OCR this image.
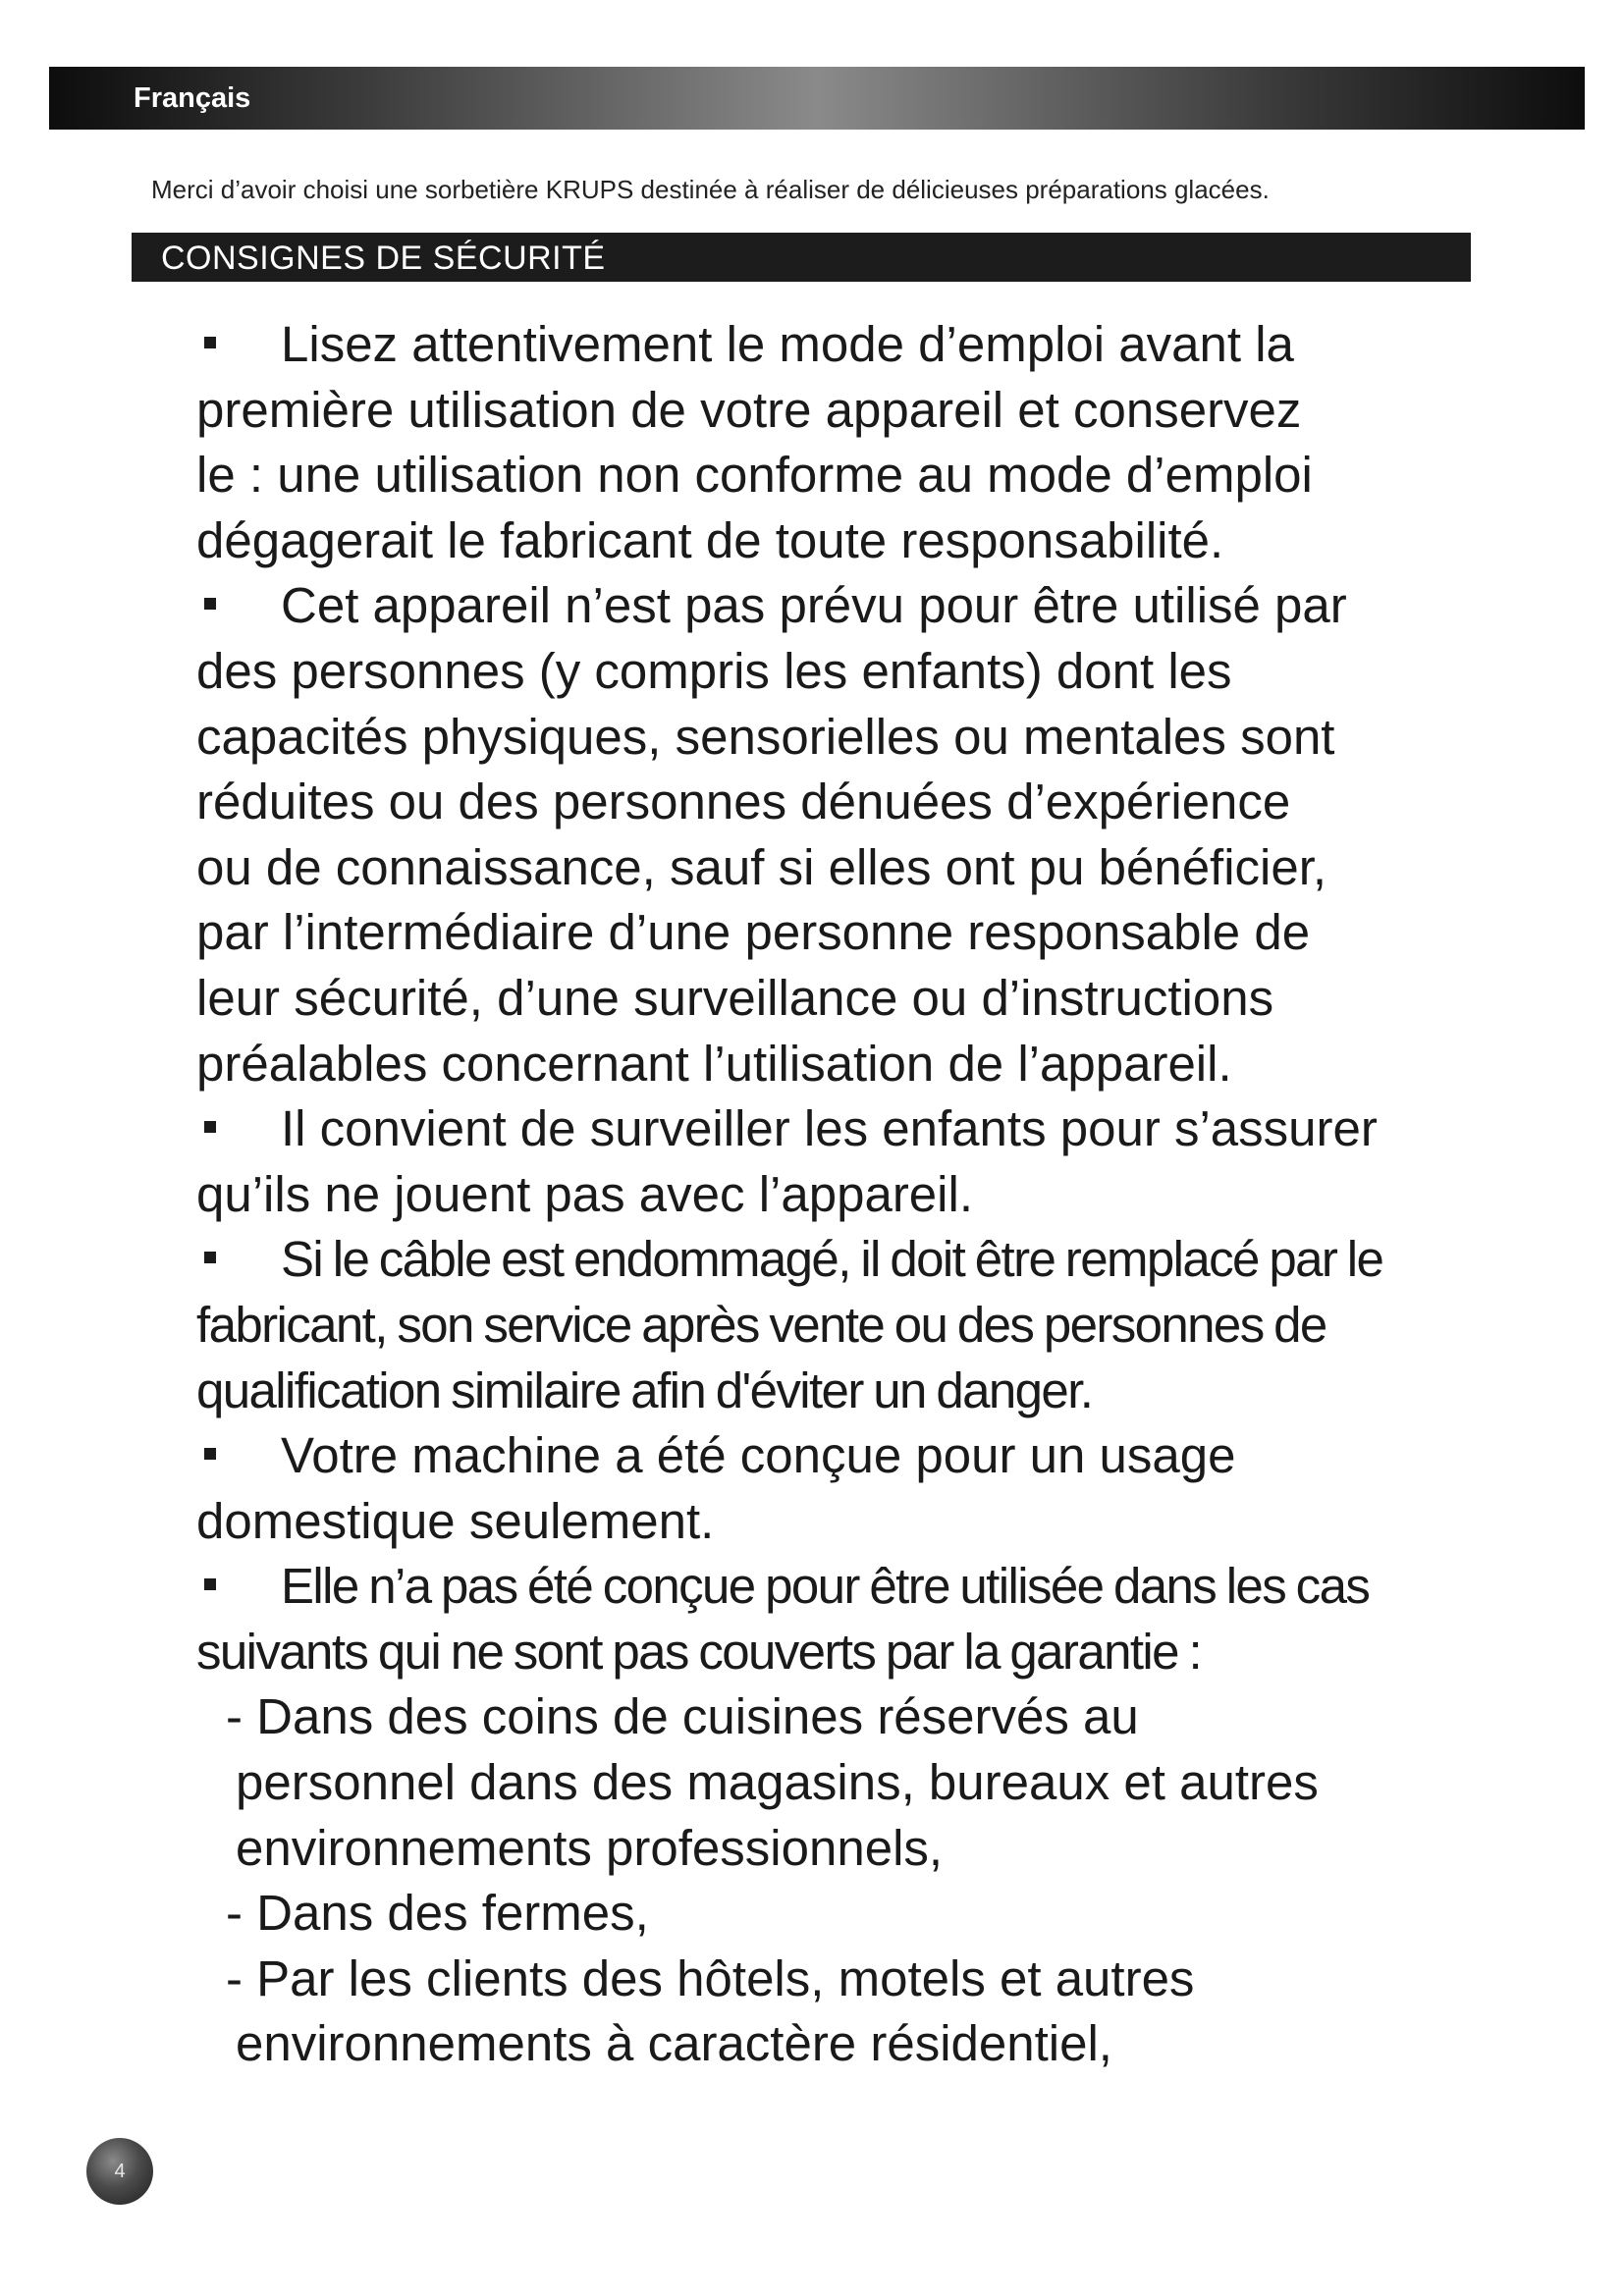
Français
Merci d’avoir choisi une sorbetière KRUPS destinée à réaliser de délicieuses préparations glacées.
CONSIGNES DE SÉCURITÉ

Lisez attentivement le mode d’emploi avant la
première utilisation de votre appareil et conservez
le : une utilisation non conforme au mode d’emploi
dégagerait le fabricant de toute responsabilité.

Cet appareil n’est pas prévu pour être utilisé par
des personnes (y compris les enfants) dont les
capacités physiques, sensorielles ou mentales sont
réduites ou des personnes dénuées d’expérience
ou de connaissance, sauf si elles ont pu bénéficier,
par l’intermédiaire d’une personne responsable de
leur sécurité, d’une surveillance ou d’instructions
préalables concernant l’utilisation de l’appareil.

Il convient de surveiller les enfants pour s’assurer
qu’ils ne jouent pas avec l’appareil.

Si le câble est endommagé, il doit être remplacé par le
fabricant, son service après vente ou des personnes de
qualification similaire afin d'éviter un danger.

Votre machine a été conçue pour un usage
domestique seulement.

Elle n’a pas été conçue pour être utilisée dans les cas
suivants qui ne sont pas couverts par la garantie :

- Dans des coins de cuisines réservés au
personnel dans des magasins, bureaux et autres
environnements professionnels,

- Dans des fermes,

- Par les clients des hôtels, motels et autres
environnements à caractère résidentiel,

4
